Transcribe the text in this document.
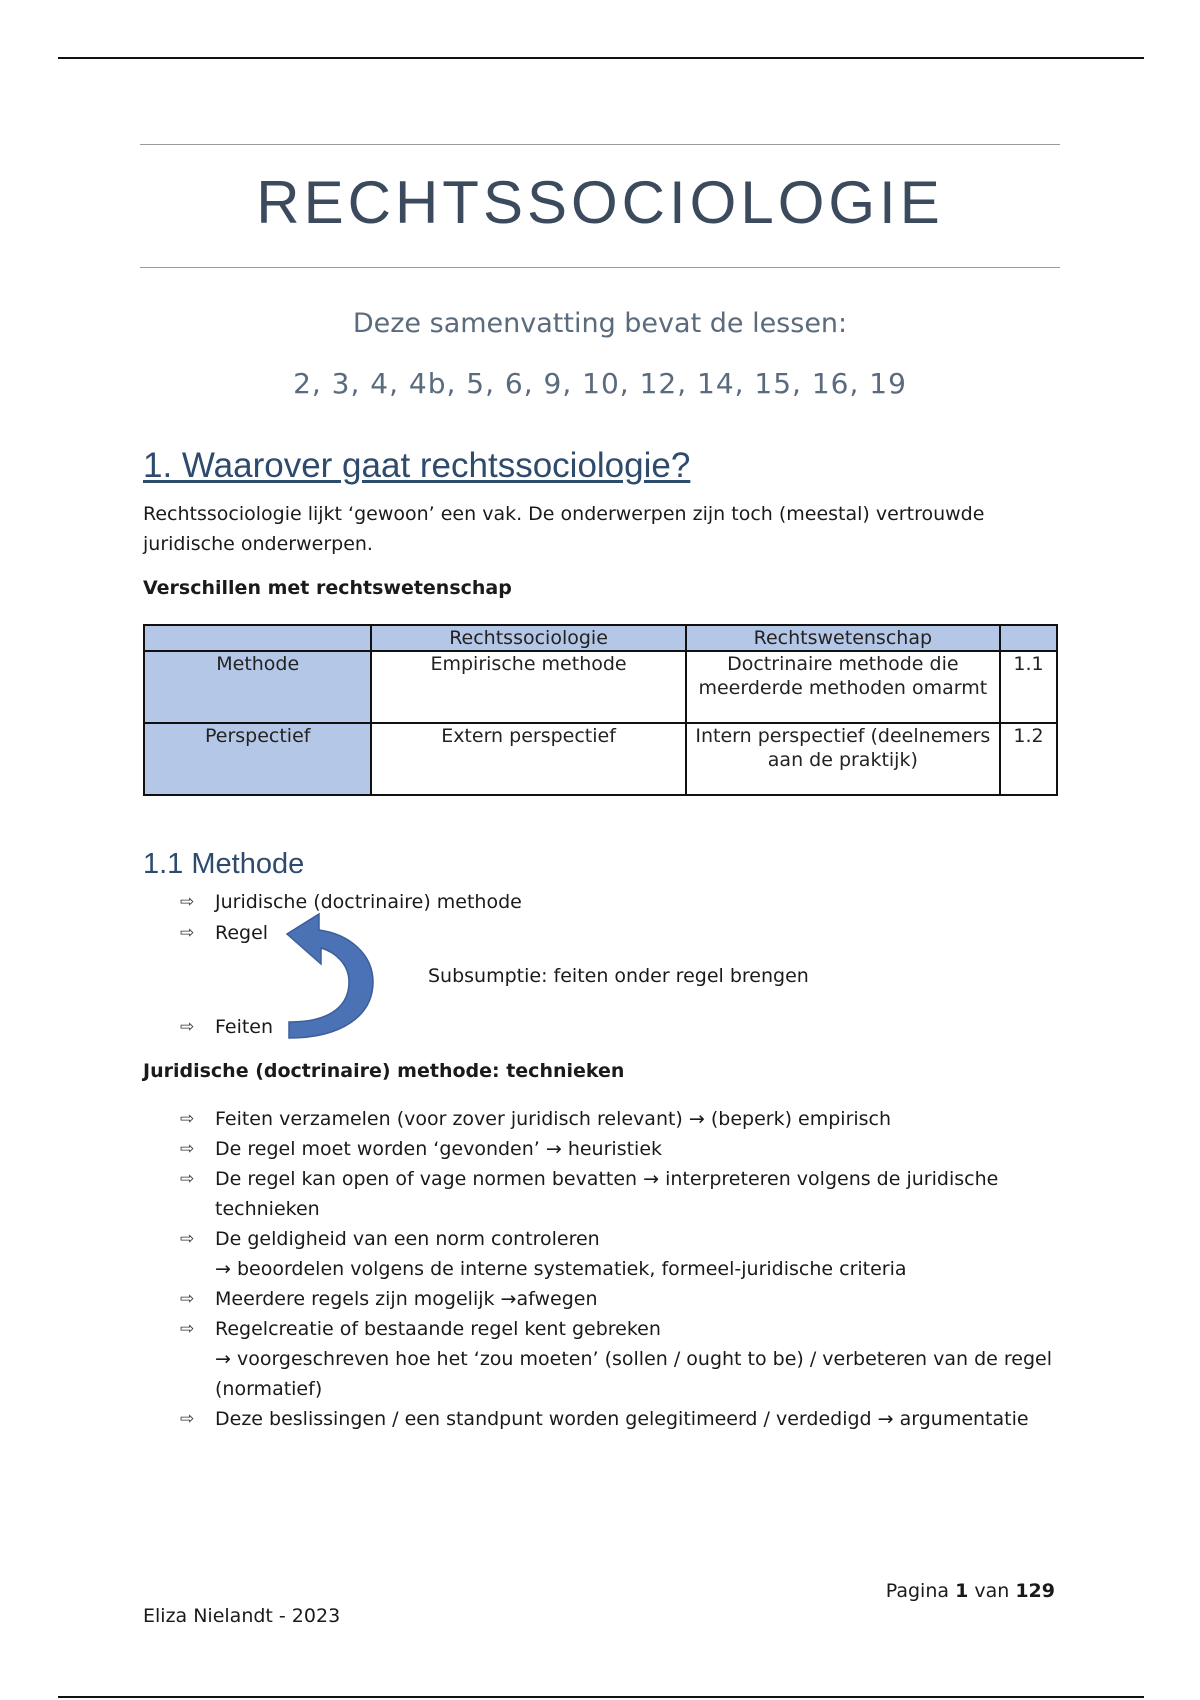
RECHTSSOCIOLOGIE
Deze samenvatting bevat de lessen:
2, 3, 4, 4b, 5, 6, 9, 10, 12, 14, 15, 16, 19
1. Waarover gaat rechtssociologie?
Rechtssociologie lijkt ‘gewoon’ een vak. De onderwerpen zijn toch (meestal) vertrouwde juridische onderwerpen.
Verschillen met rechtswetenschap
	Rechtssociologie	Rechtswetenschap	
Methode	Empirische methode	Doctrinaire methode die meerderde methoden omarmt	1.1
Perspectief	Extern perspectief	Intern perspectief (deelnemers aan de praktijk)	1.2
1.1 Methode
⇨	Juridische (doctrinaire) methode
⇨	Regel
⇨	Feiten
Subsumptie: feiten onder regel brengen
Juridische (doctrinaire) methode: technieken
⇨ Feiten verzamelen (voor zover juridisch relevant) → (beperk) empirisch
⇨ De regel moet worden ‘gevonden’ → heuristiek
⇨ De regel kan open of vage normen bevatten → interpreteren volgens de juridische technieken
⇨ De geldigheid van een norm controleren
→ beoordelen volgens de interne systematiek, formeel-juridische criteria
⇨ Meerdere regels zijn mogelijk →afwegen
⇨ Regelcreatie of bestaande regel kent gebreken
→ voorgeschreven hoe het ‘zou moeten’ (sollen / ought to be) / verbeteren van de regel (normatief)
⇨ Deze beslissingen / een standpunt worden gelegitimeerd / verdedigd → argumentatie
Pagina 1 van 129
Eliza Nielandt - 2023
